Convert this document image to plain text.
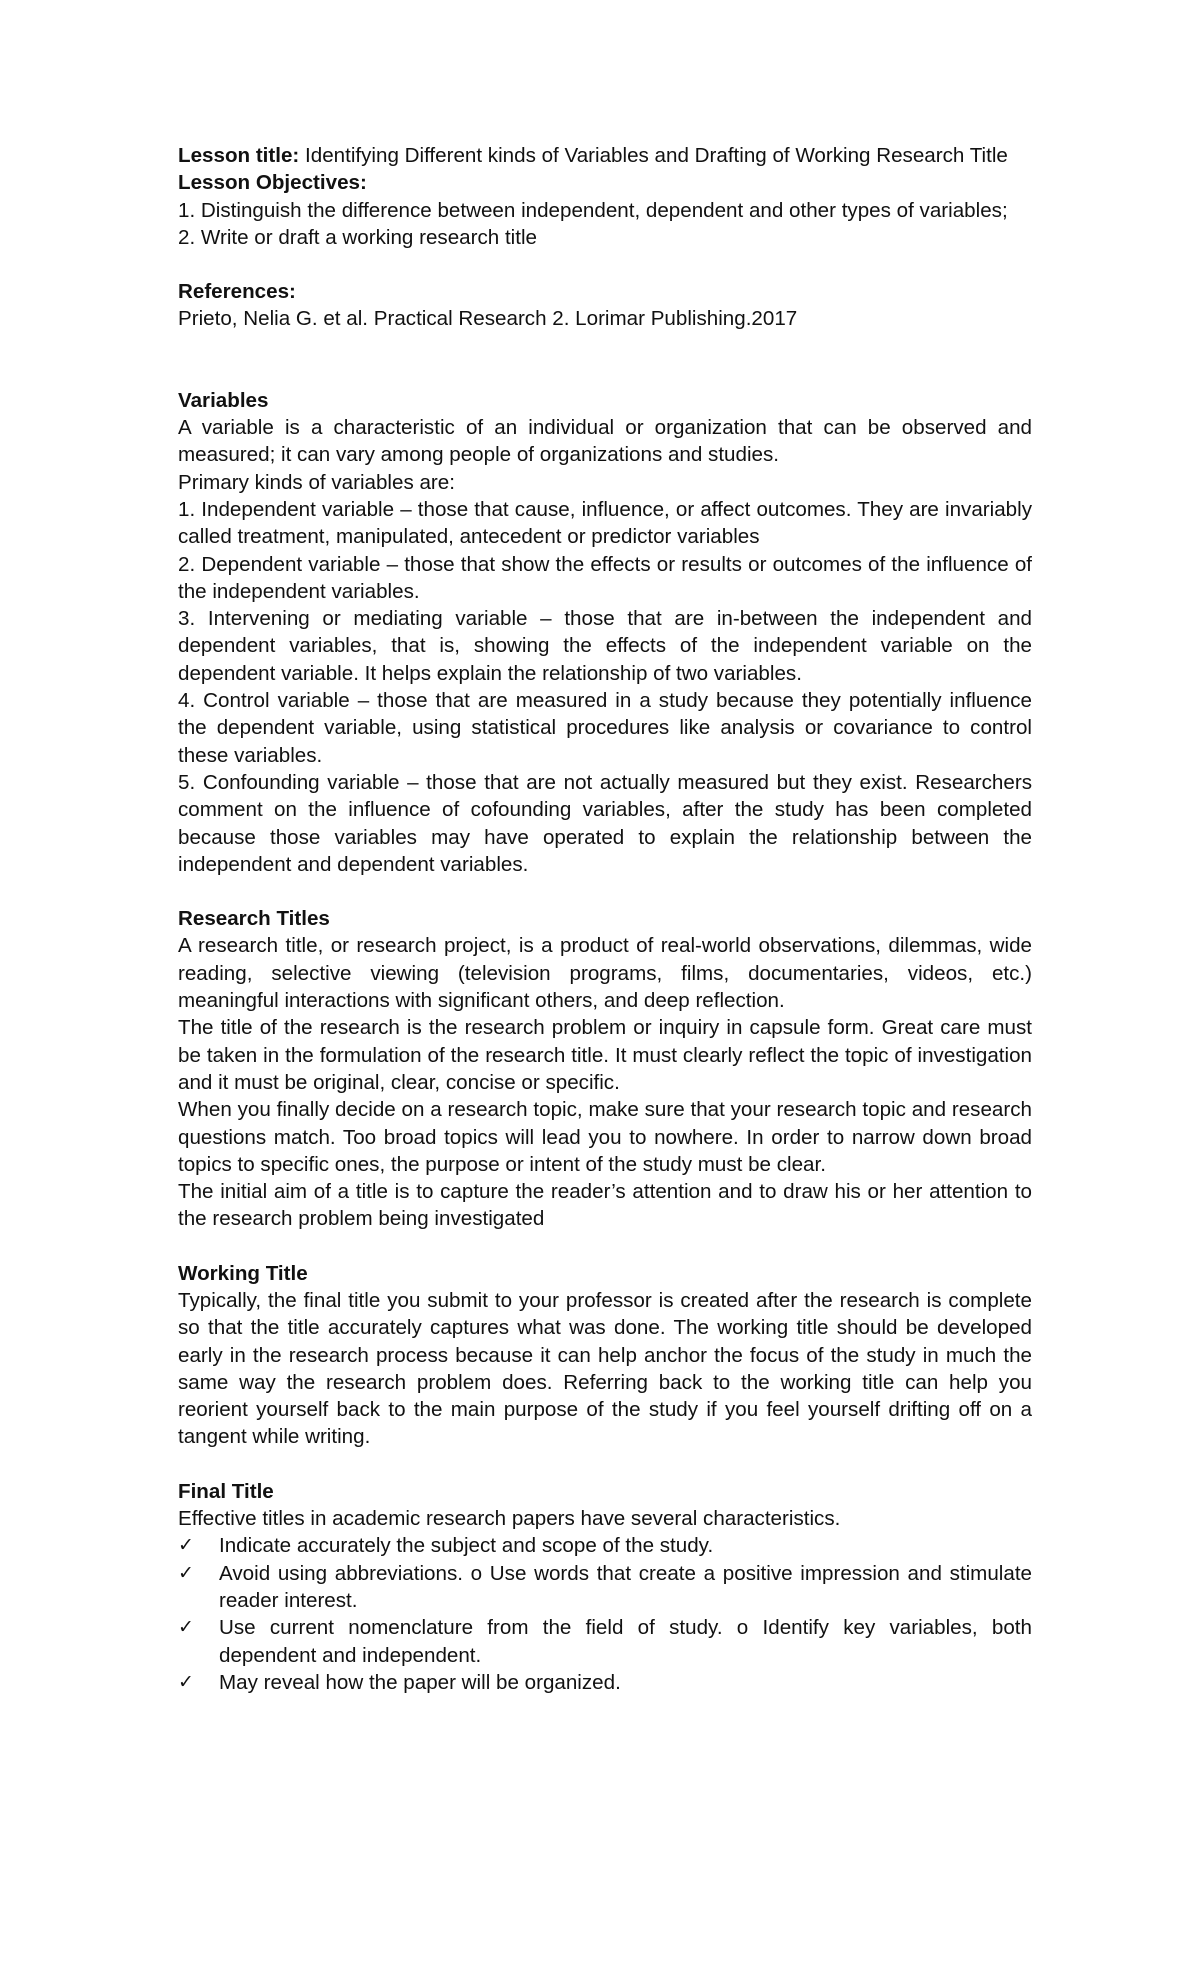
Lesson title: Identifying Different kinds of Variables and Drafting of Working Research Title

Lesson Objectives:

1. Distinguish the difference between independent, dependent and other types of variables;

2. Write or draft a working research title

References:

Prieto, Nelia G. et al. Practical Research 2. Lorimar Publishing.2017

Variables

A variable is a characteristic of an individual or organization that can be observed and measured; it can vary among people of organizations and studies.

Primary kinds of variables are:

1. Independent variable – those that cause, influence, or affect outcomes. They are invariably called treatment, manipulated, antecedent or predictor variables

2. Dependent variable – those that show the effects or results or outcomes of the influence of the independent variables.

3. Intervening or mediating variable – those that are in-between the independent and dependent variables, that is, showing the effects of the independent variable on the dependent variable. It helps explain the relationship of two variables.

4. Control variable – those that are measured in a study because they potentially influence the dependent variable, using statistical procedures like analysis or covariance to control these variables.

5. Confounding variable – those that are not actually measured but they exist. Researchers comment on the influence of cofounding variables, after the study has been completed because those variables may have operated to explain the relationship between the independent and dependent variables.

Research Titles

A research title, or research project, is a product of real-world observations, dilemmas, wide reading, selective viewing (television programs, films, documentaries, videos, etc.) meaningful interactions with significant others, and deep reflection.

The title of the research is the research problem or inquiry in capsule form. Great care must be taken in the formulation of the research title. It must clearly reflect the topic of investigation and it must be original, clear, concise or specific.

When you finally decide on a research topic, make sure that your research topic and research questions match. Too broad topics will lead you to nowhere. In order to narrow down broad topics to specific ones, the purpose or intent of the study must be clear.

The initial aim of a title is to capture the reader’s attention and to draw his or her attention to the research problem being investigated

Working Title

Typically, the final title you submit to your professor is created after the research is complete so that the title accurately captures what was done. The working title should be developed early in the research process because it can help anchor the focus of the study in much the same way the research problem does. Referring back to the working title can help you reorient yourself back to the main purpose of the study if you feel yourself drifting off on a tangent while writing.

Final Title

Effective titles in academic research papers have several characteristics.

✓ Indicate accurately the subject and scope of the study.
✓ Avoid using abbreviations. o Use words that create a positive impression and stimulate reader interest.
✓ Use current nomenclature from the field of study. o Identify key variables, both dependent and independent.
✓ May reveal how the paper will be organized.
